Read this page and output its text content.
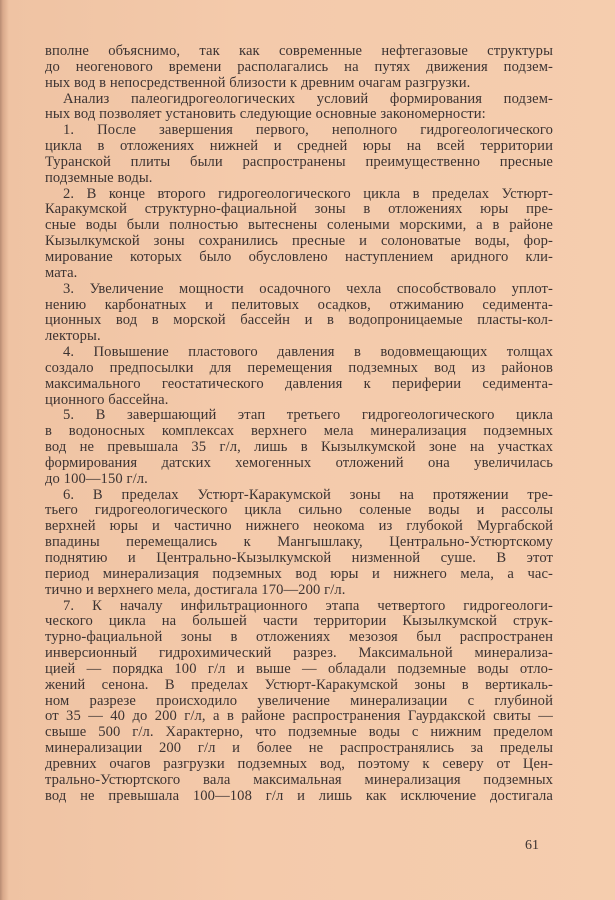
вполне объяснимо, так как современные нефтегазовые структуры
до неогенового времени располагались на путях движения подзем-
ных вод в непосредственной близости к древним очагам разгрузки.
Анализ палеогидрогеологических условий формирования подзем-
ных вод позволяет установить следующие основные закономерности:
1. После завершения первого, неполного гидрогеологического
цикла в отложениях нижней и средней юры на всей территории
Туранской плиты были распространены преимущественно пресные
подземные воды.
2. В конце второго гидрогеологического цикла в пределах Устюрт-
Каракумской структурно-фациальной зоны в отложениях юры пре-
сные воды были полностью вытеснены солеными морскими, а в районе
Кызылкумской зоны сохранились пресные и солоноватые воды, фор-
мирование которых было обусловлено наступлением аридного кли-
мата.
3. Увеличение мощности осадочного чехла способствовало уплот-
нению карбонатных и пелитовых осадков, отжиманию седимента-
ционных вод в морской бассейн и в водопроницаемые пласты-кол-
лекторы.
4. Повышение пластового давления в водовмещающих толщах
создало предпосылки для перемещения подземных вод из районов
максимального геостатического давления к периферии седимента-
ционного бассейна.
5. В завершающий этап третьего гидрогеологического цикла
в водоносных комплексах верхнего мела минерализация подземных
вод не превышала 35 г/л, лишь в Кызылкумской зоне на участках
формирования датских хемогенных отложений она увеличилась
до 100—150 г/л.
6. В пределах Устюрт-Каракумской зоны на протяжении тре-
тьего гидрогеологического цикла сильно соленые воды и рассолы
верхней юры и частично нижнего неокома из глубокой Мургабской
впадины перемещались к Мангышлаку, Центрально-Устюртскому
поднятию и Центрально-Кызылкумской низменной суше. В этот
период минерализация подземных вод юры и нижнего мела, а час-
тично и верхнего мела, достигала 170—200 г/л.
7. К началу инфильтрационного этапа четвертого гидрогеологи-
ческого цикла на большей части территории Кызылкумской струк-
турно-фациальной зоны в отложениях мезозоя был распространен
инверсионный гидрохимический разрез. Максимальной минерализа-
цией — порядка 100 г/л и выше — обладали подземные воды отло-
жений сенона. В пределах Устюрт-Каракумской зоны в вертикаль-
ном разрезе происходило увеличение минерализации с глубиной
от 35 — 40 до 200 г/л, а в районе распространения Гаурдакской свиты —
свыше 500 г/л. Характерно, что подземные воды с нижним пределом
минерализации 200 г/л и более не распространялись за пределы
древних очагов разгрузки подземных вод, поэтому к северу от Цен-
трально-Устюртского вала максимальная минерализация подземных
вод не превышала 100—108 г/л и лишь как исключение достигала
61
